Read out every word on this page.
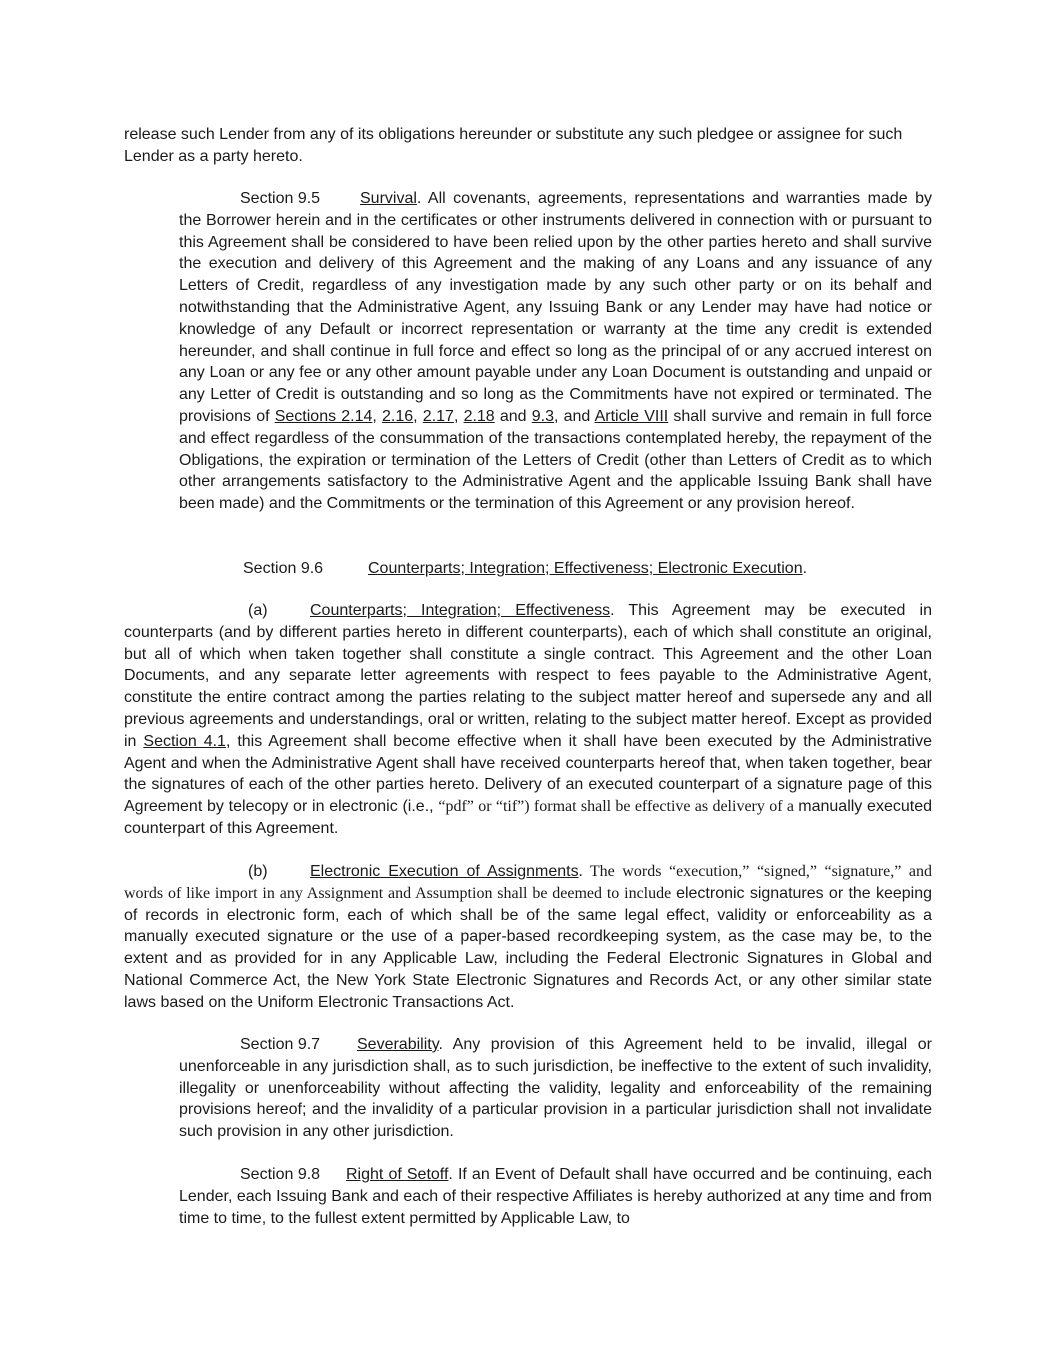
release such Lender from any of its obligations hereunder or substitute any such pledgee or assignee for such Lender as a party hereto.

Section 9.5 Survival. All covenants, agreements, representations and warranties made by the Borrower herein and in the certificates or other instruments delivered in connection with or pursuant to this Agreement shall be considered to have been relied upon by the other parties hereto and shall survive the execution and delivery of this Agreement and the making of any Loans and any issuance of any Letters of Credit, regardless of any investigation made by any such other party or on its behalf and notwithstanding that the Administrative Agent, any Issuing Bank or any Lender may have had notice or knowledge of any Default or incorrect representation or warranty at the time any credit is extended hereunder, and shall continue in full force and effect so long as the principal of or any accrued interest on any Loan or any fee or any other amount payable under any Loan Document is outstanding and unpaid or any Letter of Credit is outstanding and so long as the Commitments have not expired or terminated. The provisions of Sections 2.14, 2.16, 2.17, 2.18 and 9.3, and Article VIII shall survive and remain in full force and effect regardless of the consummation of the transactions contemplated hereby, the repayment of the Obligations, the expiration or termination of the Letters of Credit (other than Letters of Credit as to which other arrangements satisfactory to the Administrative Agent and the applicable Issuing Bank shall have been made) and the Commitments or the termination of this Agreement or any provision hereof.

Section 9.6	Counterparts; Integration; Effectiveness; Electronic Execution.

(a)	Counterparts; Integration; Effectiveness. This Agreement may be executed in counterparts (and by different parties hereto in different counterparts), each of which shall constitute an original, but all of which when taken together shall constitute a single contract. This Agreement and the other Loan Documents, and any separate letter agreements with respect to fees payable to the Administrative Agent, constitute the entire contract among the parties relating to the subject matter hereof and supersede any and all previous agreements and understandings, oral or written, relating to the subject matter hereof. Except as provided in Section 4.1, this Agreement shall become effective when it shall have been executed by the Administrative Agent and when the Administrative Agent shall have received counterparts hereof that, when taken together, bear the signatures of each of the other parties hereto. Delivery of an executed counterpart of a signature page of this Agreement by telecopy or in electronic (i.e., “pdf” or “tif”) format shall be effective as delivery of a manually executed counterpart of this Agreement.

(b)	Electronic Execution of Assignments. The words “execution,” “signed,” “signature,” and words of like import in any Assignment and Assumption shall be deemed to include electronic signatures or the keeping of records in electronic form, each of which shall be of the same legal effect, validity or enforceability as a manually executed signature or the use of a paper-based recordkeeping system, as the case may be, to the extent and as provided for in any Applicable Law, including the Federal Electronic Signatures in Global and National Commerce Act, the New York State Electronic Signatures and Records Act, or any other similar state laws based on the Uniform Electronic Transactions Act.

Section 9.7 Severability. Any provision of this Agreement held to be invalid, illegal or unenforceable in any jurisdiction shall, as to such jurisdiction, be ineffective to the extent of such invalidity, illegality or unenforceability without affecting the validity, legality and enforceability of the remaining provisions hereof; and the invalidity of a particular provision in a particular jurisdiction shall not invalidate such provision in any other jurisdiction.

Section 9.8 Right of Setoff. If an Event of Default shall have occurred and be continuing, each Lender, each Issuing Bank and each of their respective Affiliates is hereby authorized at any time and from time to time, to the fullest extent permitted by Applicable Law, to
